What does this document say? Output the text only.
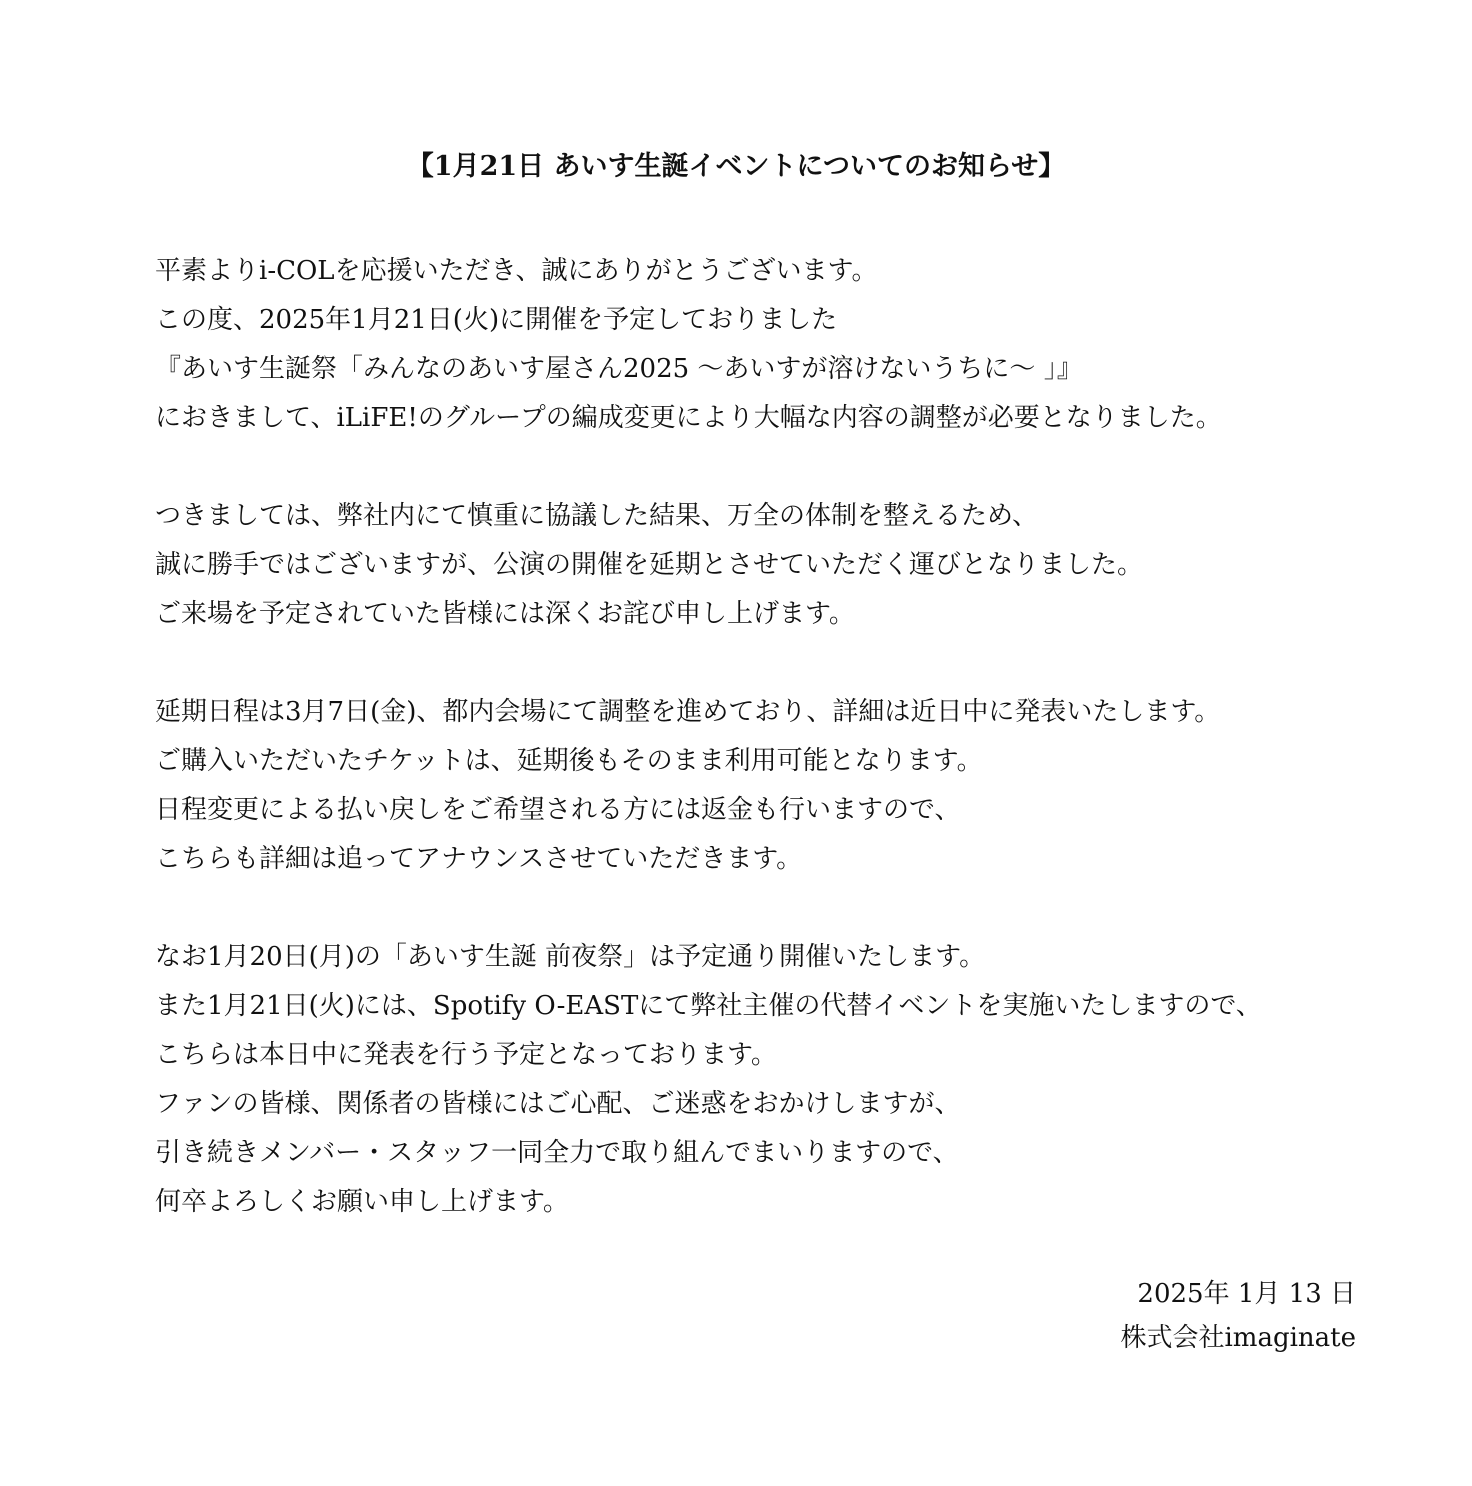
【1月21日 あいす生誕イベントについてのお知らせ】
平素よりi-COLを応援いただき、誠にありがとうございます。
この度、2025年1月21日(火)に開催を予定しておりました
『あいす生誕祭「みんなのあいす屋さん2025 〜あいすが溶けないうちに〜 」』
におきまして、iLiFE!のグループの編成変更により大幅な内容の調整が必要となりました。
つきましては、弊社内にて慎重に協議した結果、万全の体制を整えるため、
誠に勝手ではございますが、公演の開催を延期とさせていただく運びとなりました。
ご来場を予定されていた皆様には深くお詫び申し上げます。
延期日程は3月7日(金)、都内会場にて調整を進めており、詳細は近日中に発表いたします。
ご購入いただいたチケットは、延期後もそのまま利用可能となります。
日程変更による払い戻しをご希望される方には返金も行いますので、
こちらも詳細は追ってアナウンスさせていただきます。
なお1月20日(月)の「あいす生誕 前夜祭」は予定通り開催いたします。
また1月21日(火)には、Spotify O-EASTにて弊社主催の代替イベントを実施いたしますので、
こちらは本日中に発表を行う予定となっております。
ファンの皆様、関係者の皆様にはご心配、ご迷惑をおかけしますが、
引き続きメンバー・スタッフ一同全力で取り組んでまいりますので、
何卒よろしくお願い申し上げます。
2025年 1月 13 日
株式会社imaginate
